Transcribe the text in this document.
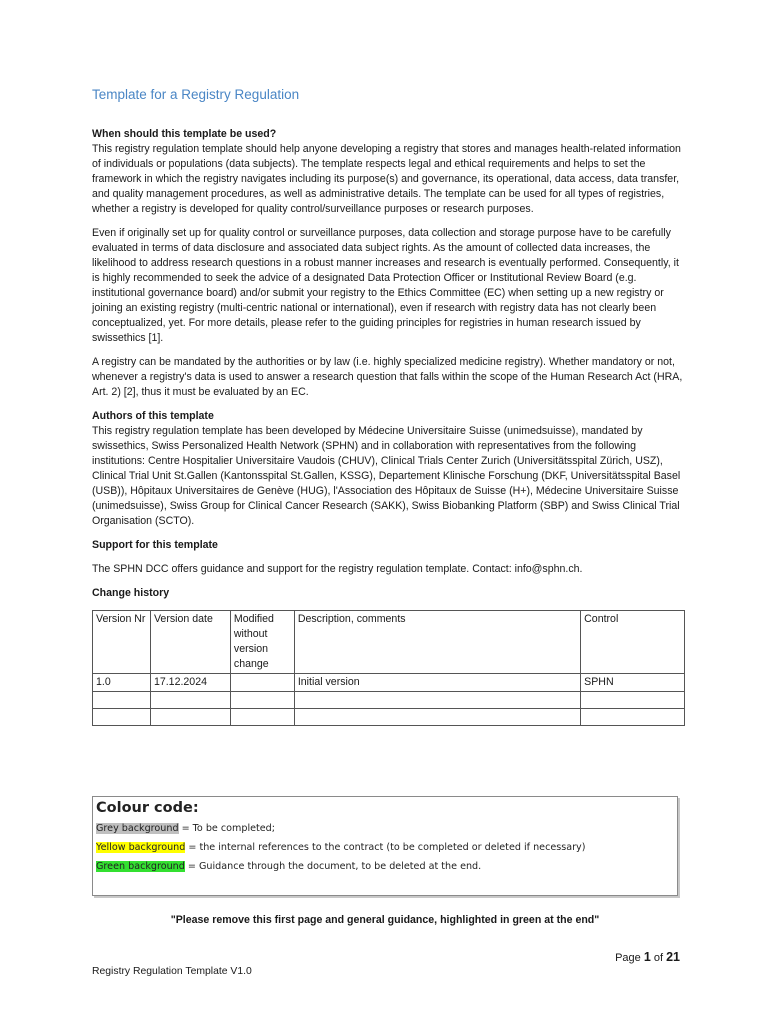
Template for a Registry Regulation
When should this template be used?

This registry regulation template should help anyone developing a registry that stores and manages health-related information of individuals or populations (data subjects). The template respects legal and ethical requirements and helps to set the framework in which the registry navigates including its purpose(s) and governance, its operational, data access, data transfer, and quality management procedures, as well as administrative details. The template can be used for all types of registries, whether a registry is developed for quality control/surveillance purposes or research purposes.

Even if originally set up for quality control or surveillance purposes, data collection and storage purpose have to be carefully evaluated in terms of data disclosure and associated data subject rights. As the amount of collected data increases, the likelihood to address research questions in a robust manner increases and research is eventually performed. Consequently, it is highly recommended to seek the advice of a designated Data Protection Officer or Institutional Review Board (e.g. institutional governance board) and/or submit your registry to the Ethics Committee (EC) when setting up a new registry or joining an existing registry (multi-centric national or international), even if research with registry data has not clearly been conceptualized, yet. For more details, please refer to the guiding principles for registries in human research issued by swissethics [1].

A registry can be mandated by the authorities or by law (i.e. highly specialized medicine registry). Whether mandatory or not, whenever a registry's data is used to answer a research question that falls within the scope of the Human Research Act (HRA, Art. 2) [2], thus it must be evaluated by an EC.

Authors of this template

This registry regulation template has been developed by Médecine Universitaire Suisse (unimedsuisse), mandated by swissethics, Swiss Personalized Health Network (SPHN) and in collaboration with representatives from the following institutions: Centre Hospitalier Universitaire Vaudois (CHUV), Clinical Trials Center Zurich (Universitätsspital Zürich, USZ), Clinical Trial Unit St.Gallen (Kantonsspital St.Gallen, KSSG), Departement Klinische Forschung (DKF, Universitätsspital Basel (USB)), Hôpitaux Universitaires de Genève (HUG), l'Association des Hôpitaux de Suisse (H+), Médecine Universitaire Suisse (unimedsuisse), Swiss Group for Clinical Cancer Research (SAKK), Swiss Biobanking Platform (SBP) and Swiss Clinical Trial Organisation (SCTO).

Support for this template

The SPHN DCC offers guidance and support for the registry regulation template. Contact: info@sphn.ch.

Change history
Version Nr	Version date	Modified without version change	Description, comments	Control
1.0	17.12.2024		Initial version	SPHN

Colour code:
Grey background = To be completed;
Yellow background = the internal references to the contract (to be completed or deleted if necessary)
Green background = Guidance through the document, to be deleted at the end.
"Please remove this first page and general guidance, highlighted in green at the end"
Page 1 of 21
Registry Regulation Template V1.0
